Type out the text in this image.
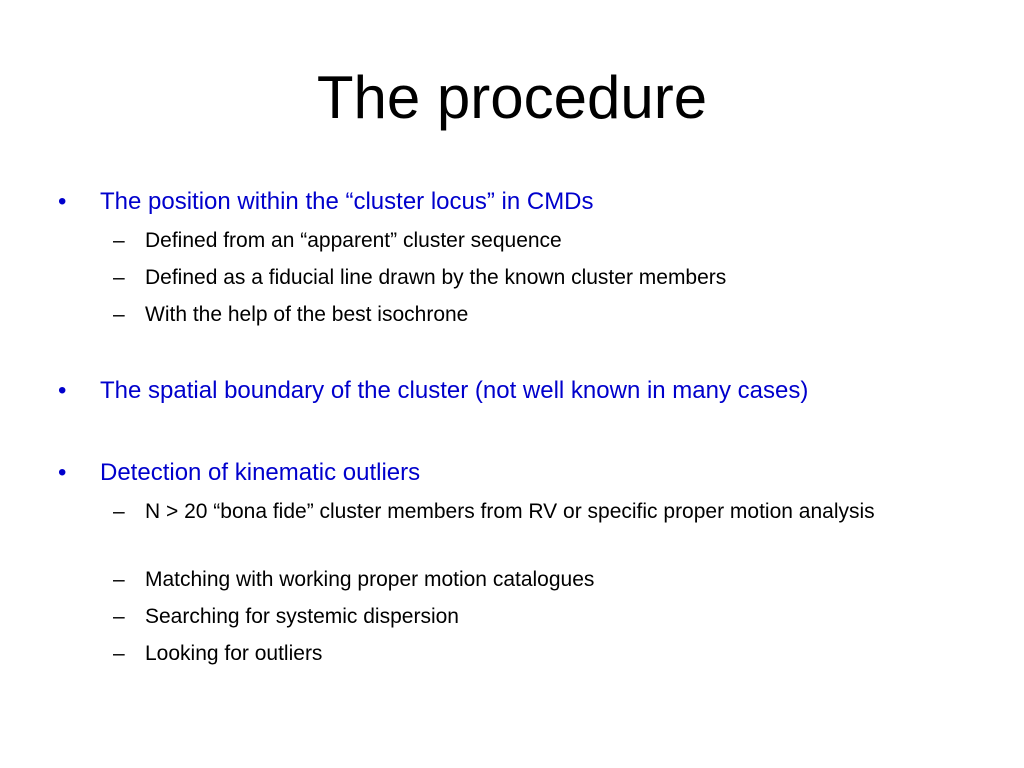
The procedure
•	The position within the “cluster locus” in CMDs
– Defined from an “apparent” cluster sequence
– Defined as a fiducial line drawn by the known cluster members
– With the help of the best isochrone
•	The spatial boundary of the cluster (not well known in many cases)
•	Detection of kinematic outliers
– N > 20 “bona fide” cluster members from RV or specific proper motion analysis
– Matching with working proper motion catalogues
– Searching for systemic dispersion
– Looking for outliers
